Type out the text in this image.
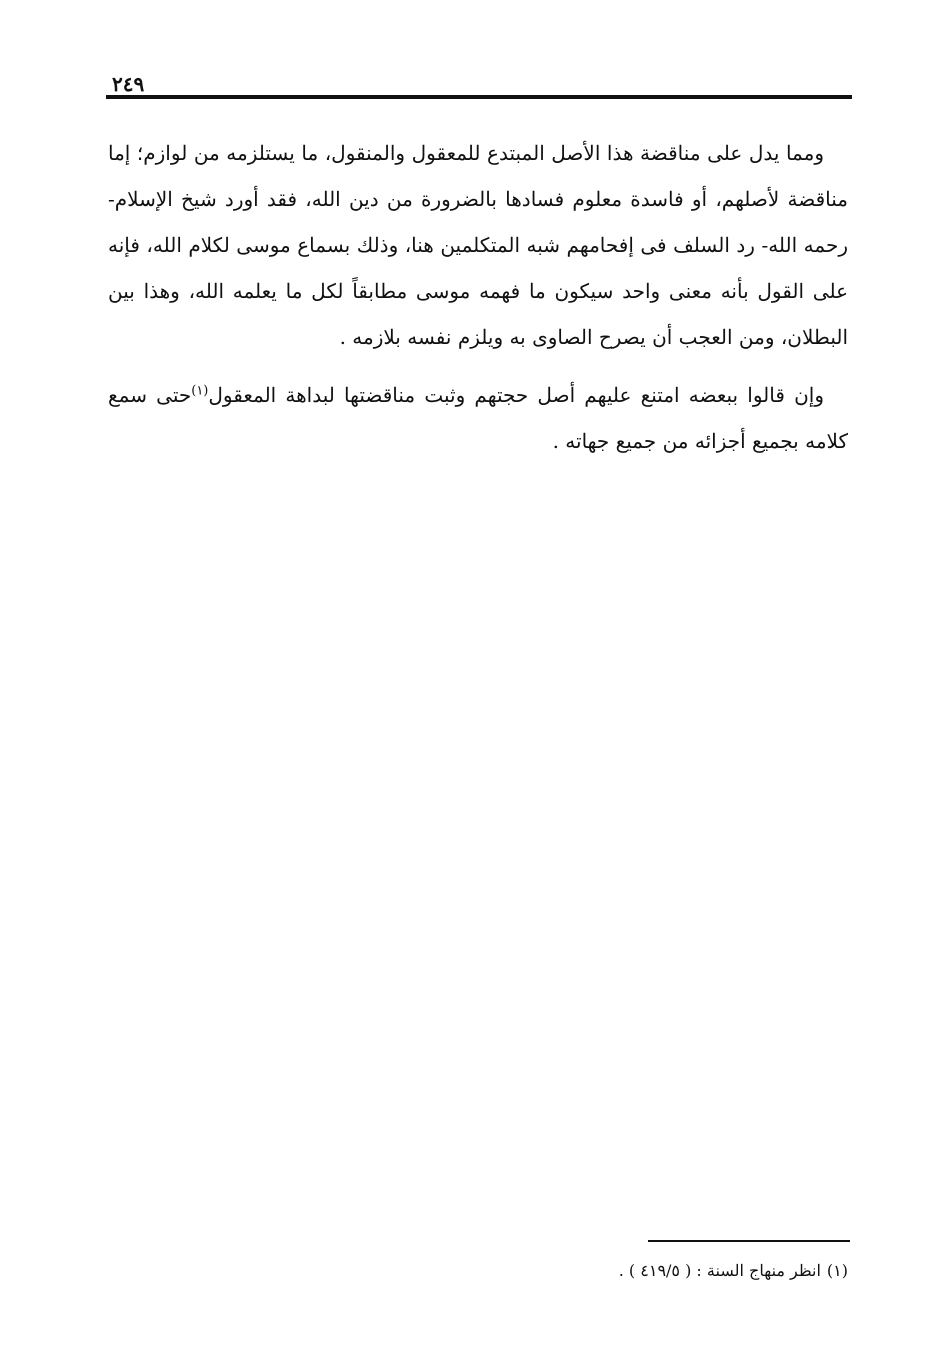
٢٤٩

ومما يدل على مناقضة هذا الأصل المبتدع للمعقول والمنقول، ما يستلزمه من لوازم؛ إما مناقضة لأصلهم، أو فاسدة معلوم فسادها بالضرورة من دين الله، فقد أورد شيخ الإسلام- رحمه الله- رد السلف فى إفحامهم شبه المتكلمين هنا، وذلك بسماع موسى لكلام الله، فإنه على القول بأنه معنى واحد سيكون ما فهمه موسى مطابقاً لكل ما يعلمه الله، وهذا بين البطلان، ومن العجب أن يصرح الصاوى به ويلزم نفسه بلازمه .

وإن قالوا ببعضه امتنع عليهم أصل حجتهم وثبت مناقضتها لبداهة المعقول$^{(١)}$حتى سمع كلامه بجميع أجزائه من جميع جهاته .

(١)انظر منهاج السنة : ( ٤١٩/٥ ) .
